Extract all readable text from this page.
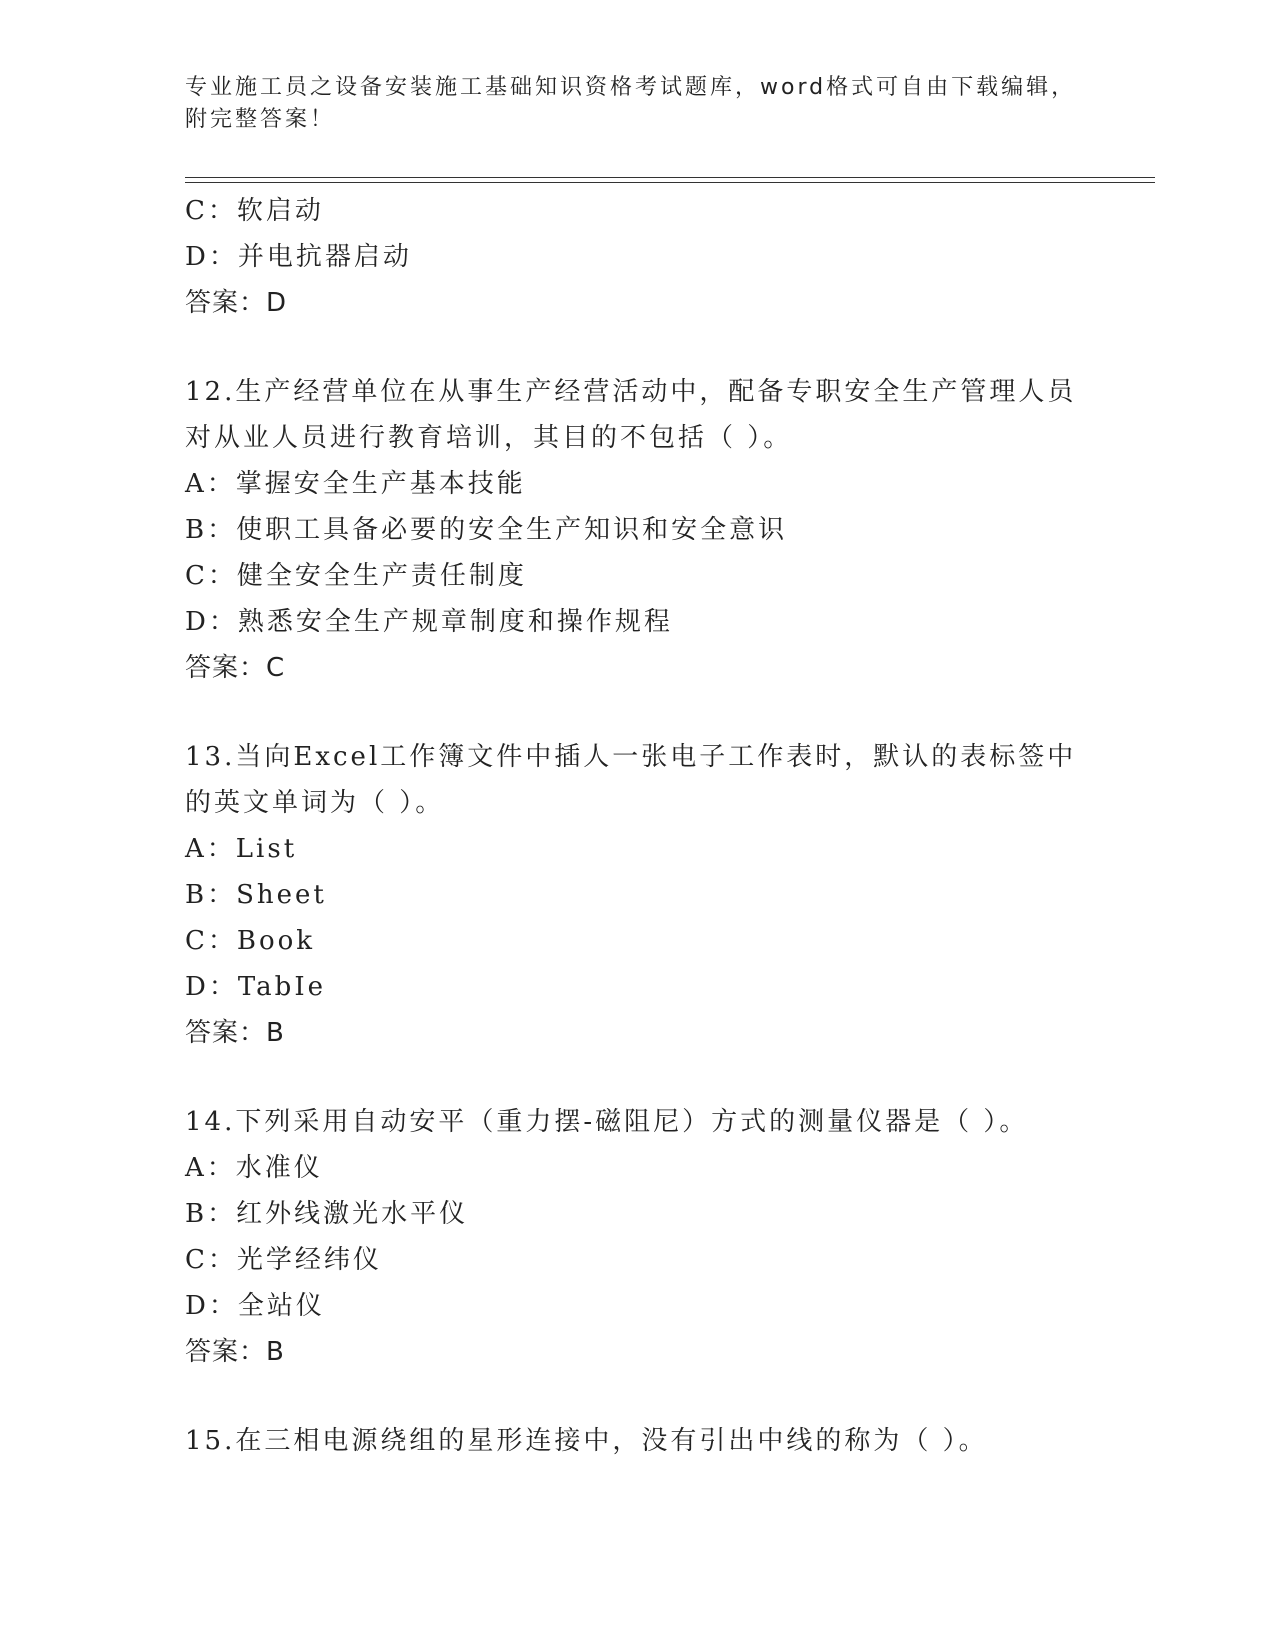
专业施工员之设备安装施工基础知识资格考试题库，word格式可自由下载编辑，
附完整答案！
C：软启动
D：并电抗器启动
答案：D
12.生产经营单位在从事生产经营活动中，配备专职安全生产管理人员
对从业人员进行教育培训，其目的不包括（ ）。
A：掌握安全生产基本技能
B：使职工具备必要的安全生产知识和安全意识
C：健全安全生产责任制度
D：熟悉安全生产规章制度和操作规程
答案：C
13.当向Excel工作簿文件中插人一张电子工作表时，默认的表标签中
的英文单词为（ ）。
A：List
B：Sheet
C：Book
D：TabIe
答案：B
14.下列采用自动安平（重力摆-磁阻尼）方式的测量仪器是（ ）。
A：水准仪
B：红外线激光水平仪
C：光学经纬仪
D：全站仪
答案：B
15.在三相电源绕组的星形连接中，没有引出中线的称为（ ）。
